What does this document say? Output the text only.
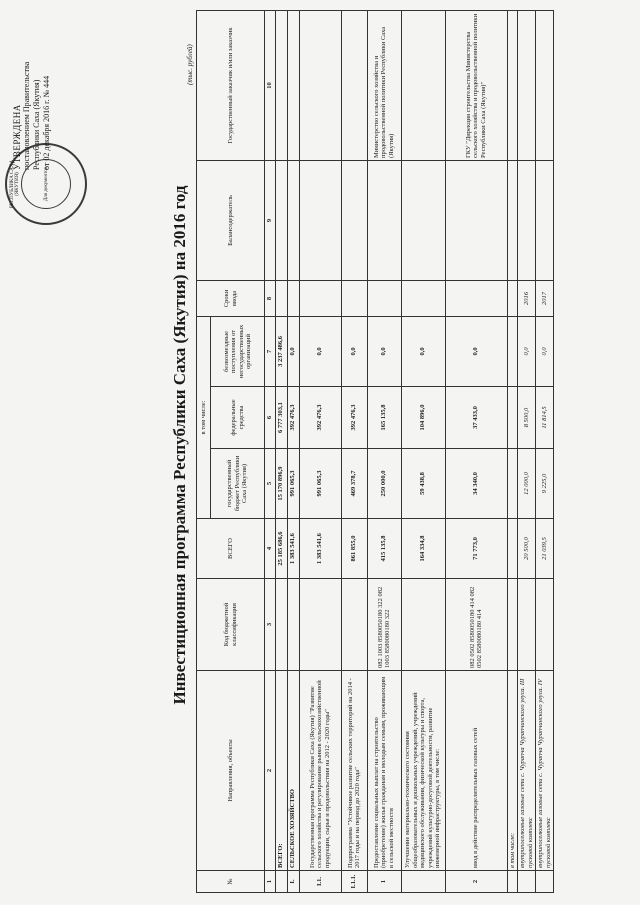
РЕСПУБЛИКА САХА (ЯКУТИЯ)	Для документов
УТВЕРЖДЕНА постановлением Правительства Республики Саха (Якутия) от 02 декабря 2016 г. № 444
Инвестиционная программа Республики Саха (Якутия) на 2016 год
(тыс. рублей)
№	Направления, объекты	Код бюджетной классификации	ВСЕГО	в том числе:			Сроки ввода	Балансодержатель	Государственный заказчик и/или заказчик
				государственный бюджет Республики Саха (Якутия)	федеральные средства	безвозмездные поступления от негосударственных организаций			
1	2	3	4	5	6	7	8	9	10
	ВСЕГО:		25 185 686,6	15 170 896,9	6 777 303,1	3 237 486,6			
I.	СЕЛЬСКОЕ ХОЗЯЙСТВО		1 383 541,6	991 065,3	392 476,3	0,0			
I.1.	Государственная программа Республики Саха (Якутия) "Развитие сельского хозяйства и регулирование рынков сельскохозяйственной продукции, сырья и продовольствия на 2012 - 2020 годы"		1 383 541,6	991 065,3	392 476,3	0,0			
I.1.1.	Подпрограмма "Устойчивое развитие сельских территорий на 2014 - 2017 годы и на период до 2020 года"		861 855,0	469 378,7	392 476,3	0,0			
1	Предоставление социальных выплат на строительство (приобретение) жилья гражданам и молодым семьям, проживающим в сельской местности	082 1003 8580050180 322 082 1003 8580080180 322	415 135,8	250 000,0	165 135,8	0,0			Министерство сельского хозяйства и продовольственной политики Республики Саха (Якутия)
	Улучшение материально-технического состояния общеобразовательных и дошкольных учреждений, учреждений медицинского обслуживания, физической культуры и спорта, учреждений культурно-досуговой деятельности, развитие инженерной инфраструктуры, в том числе:		164 334,8	59 438,8	104 896,0	0,0			
2	ввод в действие распределительных газовых сетей	082 0502 8580050180 414 082 0502 8580080180 414	71 773,0	34 340,0	37 433,0	0,0			ГКУ "Дирекция строительства Министерства сельского хозяйства и продовольственной политики Республики Саха (Якутия)"
	в том числе:								
	внутрипоселковые газовые сети с. Чурапча Чурапчинского улуса. III пусковой комплекс		20 500,0	12 000,0	8 500,0	0,0	2016		
	внутрипоселковые газовые сети с. Чурапча Чурапчинского улуса. IV пусковой комплекс		21 039,5	9 225,0	11 814,5	0,0	2017		
